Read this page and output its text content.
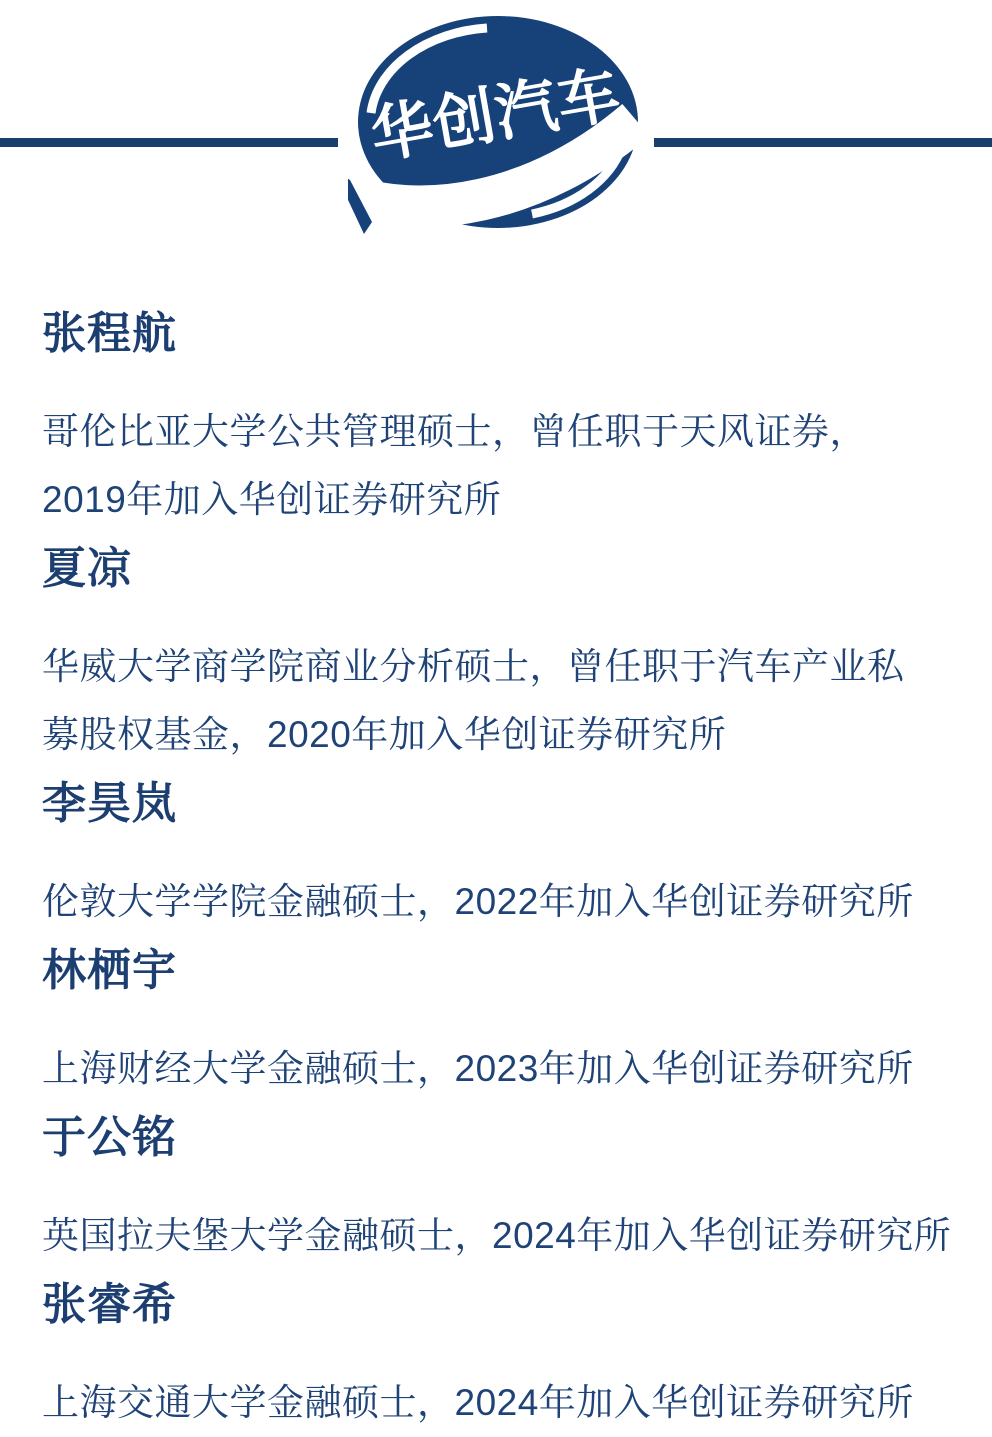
华创汽车
张程航
哥伦比亚大学公共管理硕士，曾任职于天风证券，
2019年加入华创证券研究所
夏凉
华威大学商学院商业分析硕士，曾任职于汽车产业私
募股权基金，2020年加入华创证券研究所
李昊岚
伦敦大学学院金融硕士，2022年加入华创证券研究所
林栖宇
上海财经大学金融硕士，2023年加入华创证券研究所
于公铭
英国拉夫堡大学金融硕士，2024年加入华创证券研究所
张睿希
上海交通大学金融硕士，2024年加入华创证券研究所
